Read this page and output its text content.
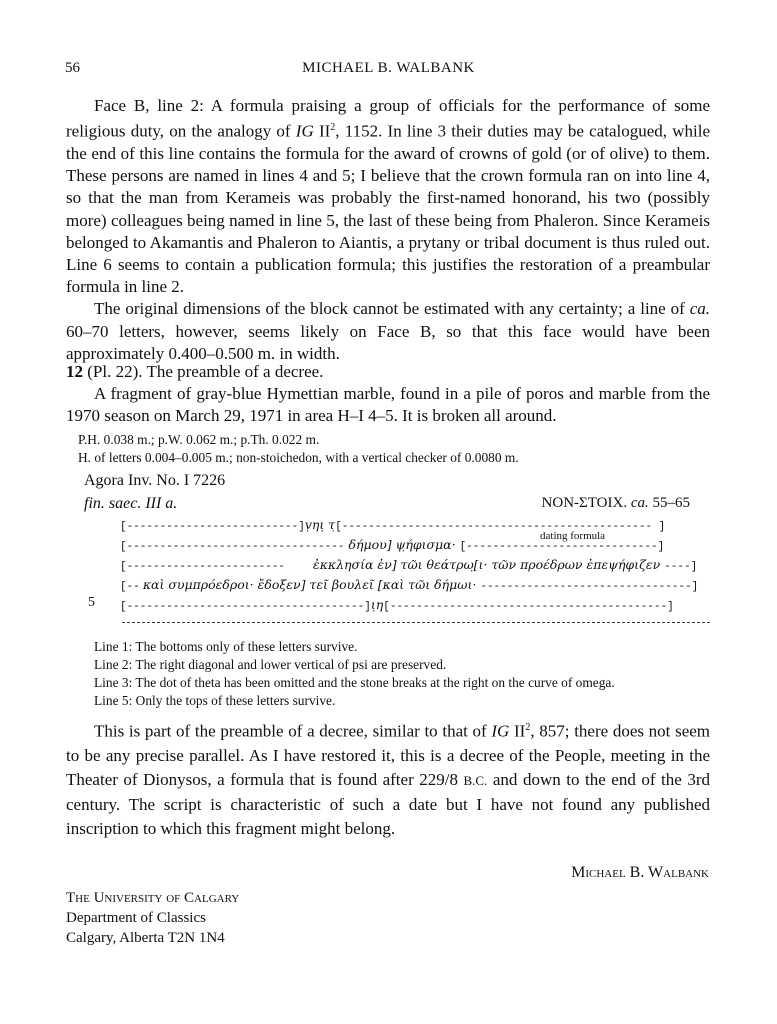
56	MICHAEL B. WALBANK

Face B, line 2: A formula praising a group of officials for the performance of some religious duty, on the analogy of IG $II^2$, 1152. In line 3 their duties may be catalogued, while the end of this line contains the formula for the award of crowns of gold (or of olive) to them. These persons are named in lines 4 and 5; I believe that the crown formula ran on into line 4, so that the man from Kerameis was probably the first-named honorand, his two (possibly more) colleagues being named in line 5, the last of these being from Phaleron. Since Kerameis belonged to Akamantis and Phaleron to Aiantis, a prytany or tribal document is thus ruled out. Line 6 seems to contain a publication formula; this justifies the restoration of a preambular formula in line 2.

The original dimensions of the block cannot be estimated with any certainty; a line of ca. 60–70 letters, however, seems likely on Face B, so that this face would have been approximately 0.400–0.500 m. in width.

12 (Pl. 22). The preamble of a decree.

A fragment of gray-blue Hymettian marble, found in a pile of poros and marble from the 1970 season on March 29, 1971 in area H–I 4–5. It is broken all around.

P.H. 0.038 m.; p.W. 0.062 m.; p.Th. 0.022 m.

H. of letters 0.004–0.005 m.; non-stoichedon, with a vertical checker of 0.0080 m.

Agora Inv. No. I 7226
fin. saec. III a.	NON-ΣΤΟΙΧ. ca. 55–65
[--------------------------]ṿηι̣ τ̣[----------------------------------------------- ]
[--------------------------------- δήμου] ψ̣ήφισμα· [-----------------------------]
dating formula
[------------------------ ἐκκλησία ἐν] τῶι θεάτρω̣[ι· τῶν προέδρων ἐπεψήφιζεν ----]
[-- καὶ συμπρόεδροι· ἔδοξεν] τεῖ βουλεῖ [καὶ τῶι δήμωι· --------------------------------]
5 [------------------------------------]ι̣η̣[------------------------------------------]

Line 1: The bottoms only of these letters survive.

Line 2: The right diagonal and lower vertical of psi are preserved.

Line 3: The dot of theta has been omitted and the stone breaks at the right on the curve of omega.

Line 5: Only the tops of these letters survive.

This is part of the preamble of a decree, similar to that of IG $II^2$, 857; there does not seem to be any precise parallel. As I have restored it, this is a decree of the People, meeting in the Theater of Dionysos, a formula that is found after 229/8 B.C. and down to the end of the 3rd century. The script is characteristic of such a date but I have not found any published inscription to which this fragment might belong.

Michael B. Walbank
The University of Calgary
Department of Classics
Calgary, Alberta T2N 1N4
